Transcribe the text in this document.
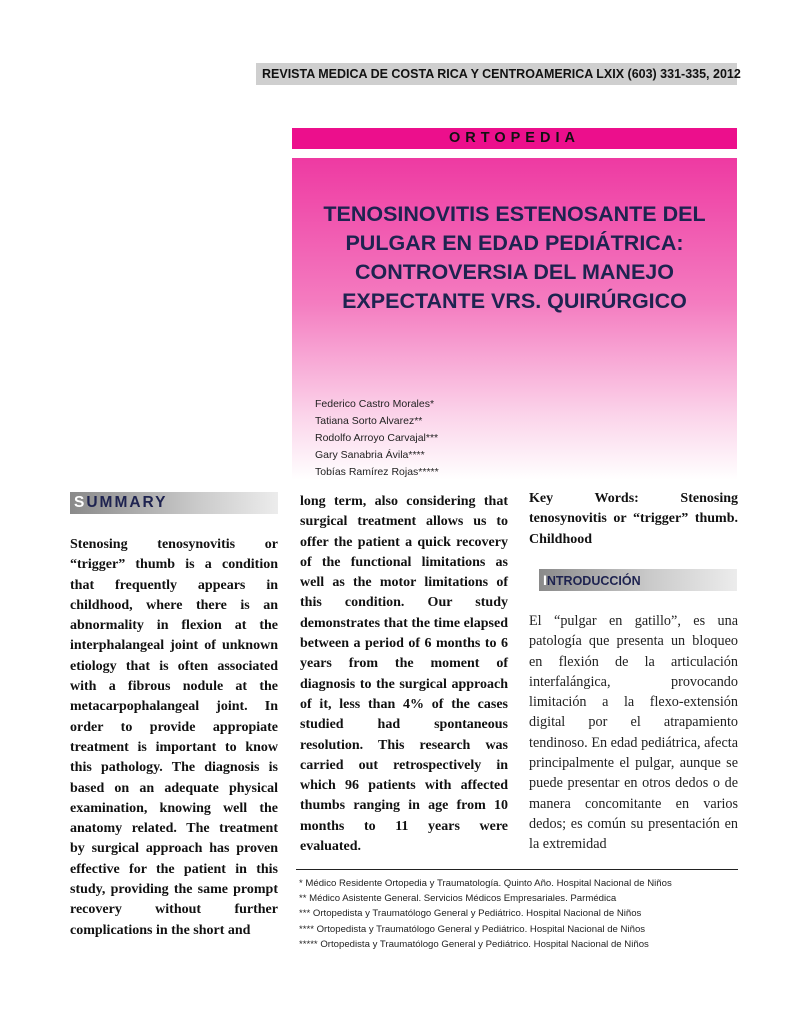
REVISTA MEDICA DE COSTA RICA Y CENTROAMERICA LXIX (603) 331-335, 2012
ORTOPEDIA
TENOSINOVITIS ESTENOSANTE DEL PULGAR EN EDAD PEDIÁTRICA: CONTROVERSIA DEL MANEJO EXPECTANTE VRS. QUIRÚRGICO
Federico Castro Morales*
Tatiana Sorto Alvarez**
Rodolfo Arroyo Carvajal***
Gary Sanabria Ávila****
Tobías Ramírez Rojas*****
SUMMARY

Stenosing tenosynovitis or “trigger” thumb is a condition that frequently appears in childhood, where there is an abnormality in flexion at the interphalangeal joint of unknown etiology that is often associated with a fibrous nodule at the metacarpophalangeal joint. In order to provide appropiate treatment is important to know this pathology. The diagnosis is based on an adequate physical examination, knowing well the anatomy related. The treatment by surgical approach has proven effective for the patient in this study, providing the same prompt recovery without further complications in the short and

long term, also considering that surgical treatment allows us to offer the patient a quick recovery of the functional limitations as well as the motor limitations of this condition. Our study demonstrates that the time elapsed between a period of 6 months to 6 years from the moment of diagnosis to the surgical approach of it, less than 4% of the cases studied had spontaneous resolution. This research was carried out retrospectively in which 96 patients with affected thumbs ranging in age from 10 months to 11 years were evaluated.

Key Words: Stenosing tenosynovitis or “trigger” thumb. Childhood

INTRODUCCIÓN

El “pulgar en gatillo”, es una patología que presenta un bloqueo en flexión de la articulación interfalángica, provocando limitación a la flexo-extensión digital por el atrapamiento tendinoso. En edad pediátrica, afecta principalmente el pulgar, aunque se puede presentar en otros dedos o de manera concomitante en varios dedos; es común su presentación en la extremidad

* Médico Residente Ortopedia y Traumatología. Quinto Año. Hospital Nacional de Niños
** Médico Asistente General. Servicios Médicos Empresariales. Parmédica
*** Ortopedista y Traumatólogo General y Pediátrico. Hospital Nacional de Niños
**** Ortopedista y Traumatólogo General y Pediátrico. Hospital Nacional de Niños
***** Ortopedista y Traumatólogo General y Pediátrico. Hospital Nacional de Niños
